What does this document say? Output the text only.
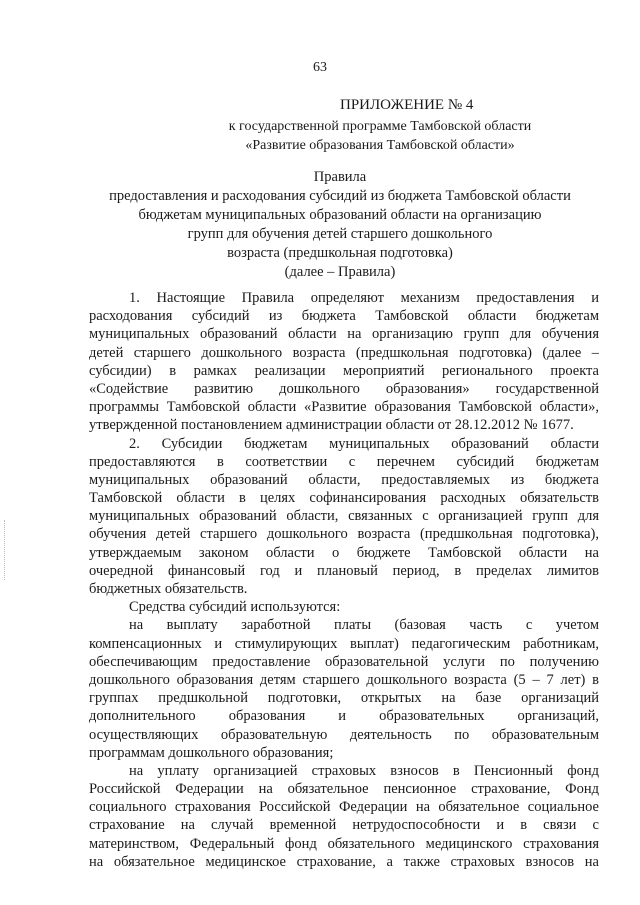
63
ПРИЛОЖЕНИЕ № 4
к государственной программе Тамбовской области
«Развитие образования Тамбовской области»
Правила
предоставления и расходования субсидий из бюджета Тамбовской области
бюджетам муниципальных образований области на организацию
групп для обучения детей старшего дошкольного
возраста (предшкольная подготовка)
(далее – Правила)
1. Настоящие Правила определяют механизм предоставления и
расходования субсидий из бюджета Тамбовской области бюджетам
муниципальных образований области на организацию групп для обучения
детей старшего дошкольного возраста (предшкольная подготовка) (далее –
субсидии) в рамках реализации мероприятий регионального проекта
«Содействие развитию дошкольного образования» государственной
программы Тамбовской области «Развитие образования Тамбовской области»,
утвержденной постановлением администрации области от 28.12.2012 № 1677.
2. Субсидии бюджетам муниципальных образований области
предоставляются в соответствии с перечнем субсидий бюджетам
муниципальных образований области, предоставляемых из бюджета
Тамбовской области в целях софинансирования расходных обязательств
муниципальных образований области, связанных с организацией групп для
обучения детей старшего дошкольного возраста (предшкольная подготовка),
утверждаемым законом области о бюджете Тамбовской области на
очередной финансовый год и плановый период, в пределах лимитов
бюджетных обязательств.
Средства субсидий используются:
на выплату заработной платы (базовая часть с учетом
компенсационных и стимулирующих выплат) педагогическим работникам,
обеспечивающим предоставление образовательной услуги по получению
дошкольного образования детям старшего дошкольного возраста (5 – 7 лет) в
группах предшкольной подготовки, открытых на базе организаций
дополнительного образования и образовательных организаций,
осуществляющих образовательную деятельность по образовательным
программам дошкольного образования;
на уплату организацией страховых взносов в Пенсионный фонд
Российской Федерации на обязательное пенсионное страхование, Фонд
социального страхования Российской Федерации на обязательное социальное
страхование на случай временной нетрудоспособности и в связи с
материнством, Федеральный фонд обязательного медицинского страхования
на обязательное медицинское страхование, а также страховых взносов на
